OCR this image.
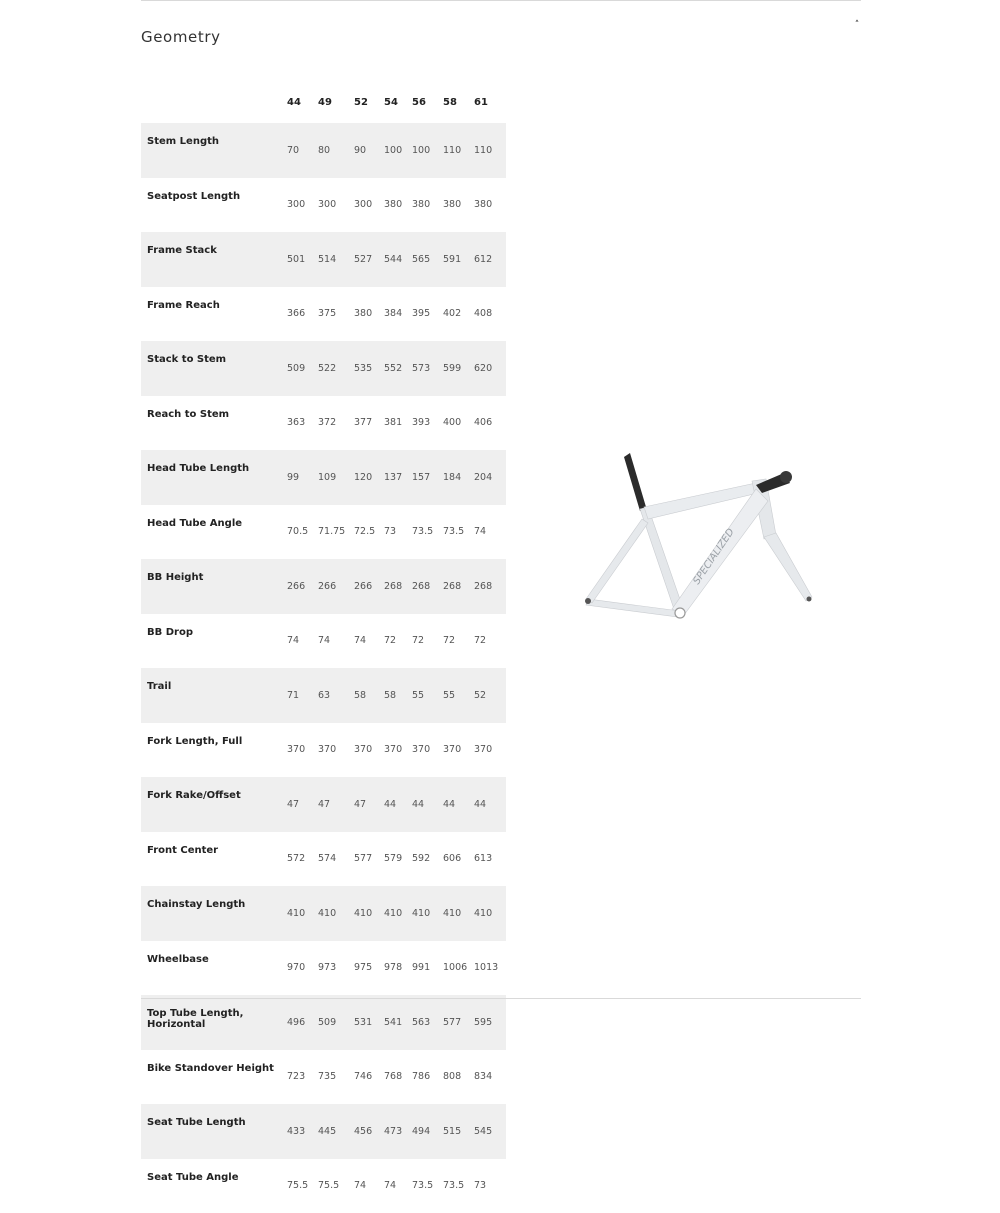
Geometry
˄
	44	49	52	54	56	58	61
Stem Length	70	80	90	100	100	110	110
Seatpost Length	300	300	300	380	380	380	380
Frame Stack	501	514	527	544	565	591	612
Frame Reach	366	375	380	384	395	402	408
Stack to Stem	509	522	535	552	573	599	620
Reach to Stem	363	372	377	381	393	400	406
Head Tube Length	99	109	120	137	157	184	204
Head Tube Angle	70.5	71.75	72.5	73	73.5	73.5	74
BB Height	266	266	266	268	268	268	268
BB Drop	74	74	74	72	72	72	72
Trail	71	63	58	58	55	55	52
Fork Length, Full	370	370	370	370	370	370	370
Fork Rake/Offset	47	47	47	44	44	44	44
Front Center	572	574	577	579	592	606	613
Chainstay Length	410	410	410	410	410	410	410
Wheelbase	970	973	975	978	991	1006	1013
Top Tube Length, Horizontal	496	509	531	541	563	577	595
Bike Standover Height	723	735	746	768	786	808	834
Seat Tube Length	433	445	456	473	494	515	545
Seat Tube Angle	75.5	75.5	74	74	73.5	73.5	73
SPECIALIZED
